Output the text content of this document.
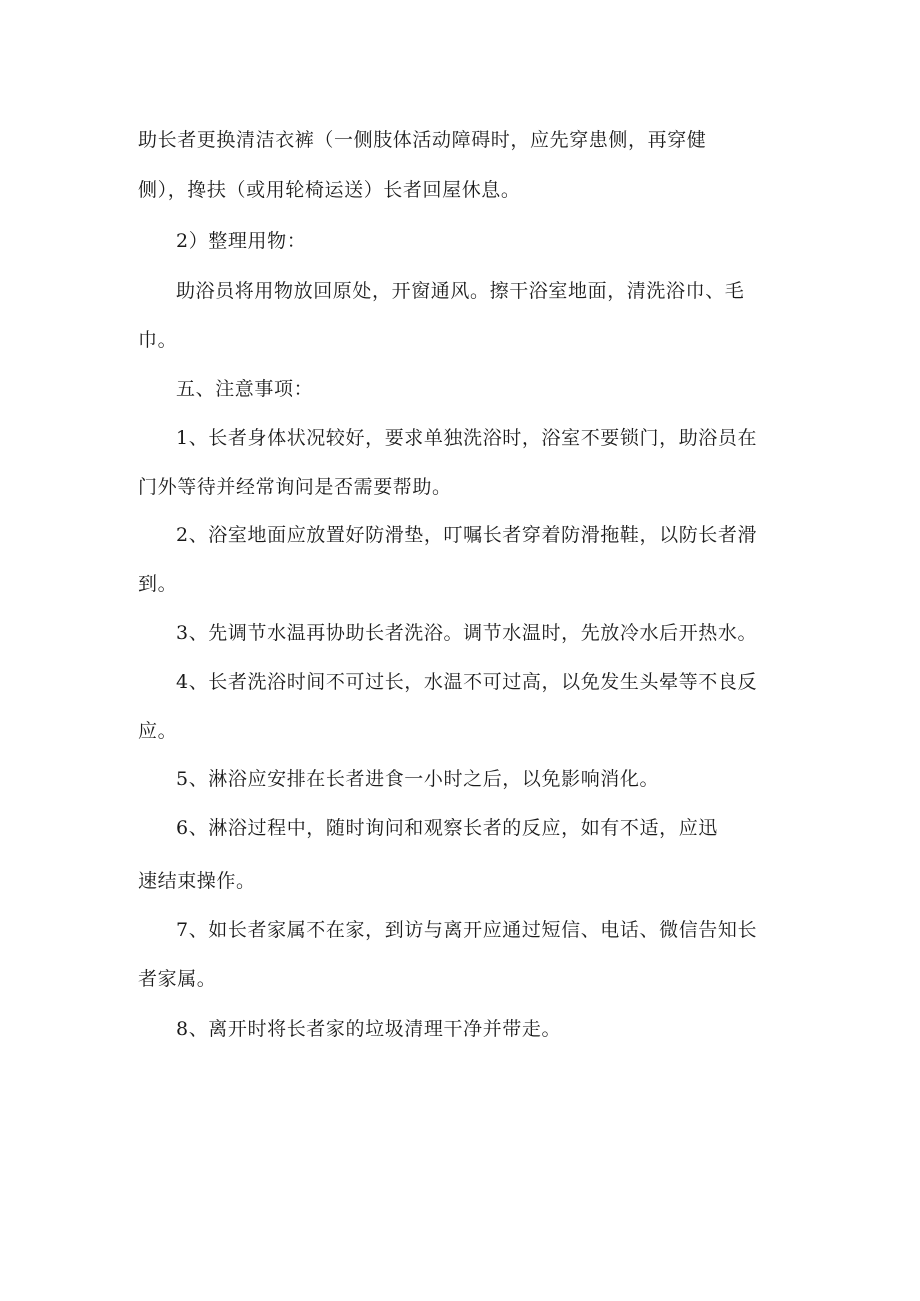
助长者更换清洁衣裤（一侧肢体活动障碍时，应先穿患侧，再穿健
侧），搀扶（或用轮椅运送）长者回屋休息。
2）整理用物：
助浴员将用物放回原处，开窗通风。擦干浴室地面，清洗浴巾、毛
巾。
五、注意事项：
1、长者身体状况较好，要求单独洗浴时，浴室不要锁门，助浴员在
门外等待并经常询问是否需要帮助。
2、浴室地面应放置好防滑垫，叮嘱长者穿着防滑拖鞋，以防长者滑
到。
3、先调节水温再协助长者洗浴。调节水温时，先放冷水后开热水。
4、长者洗浴时间不可过长，水温不可过高，以免发生头晕等不良反
应。
5、淋浴应安排在长者进食一小时之后，以免影响消化。
6、淋浴过程中，随时询问和观察长者的反应，如有不适，应迅
速结束操作。
7、如长者家属不在家，到访与离开应通过短信、电话、微信告知长
者家属。
8、离开时将长者家的垃圾清理干净并带走。
